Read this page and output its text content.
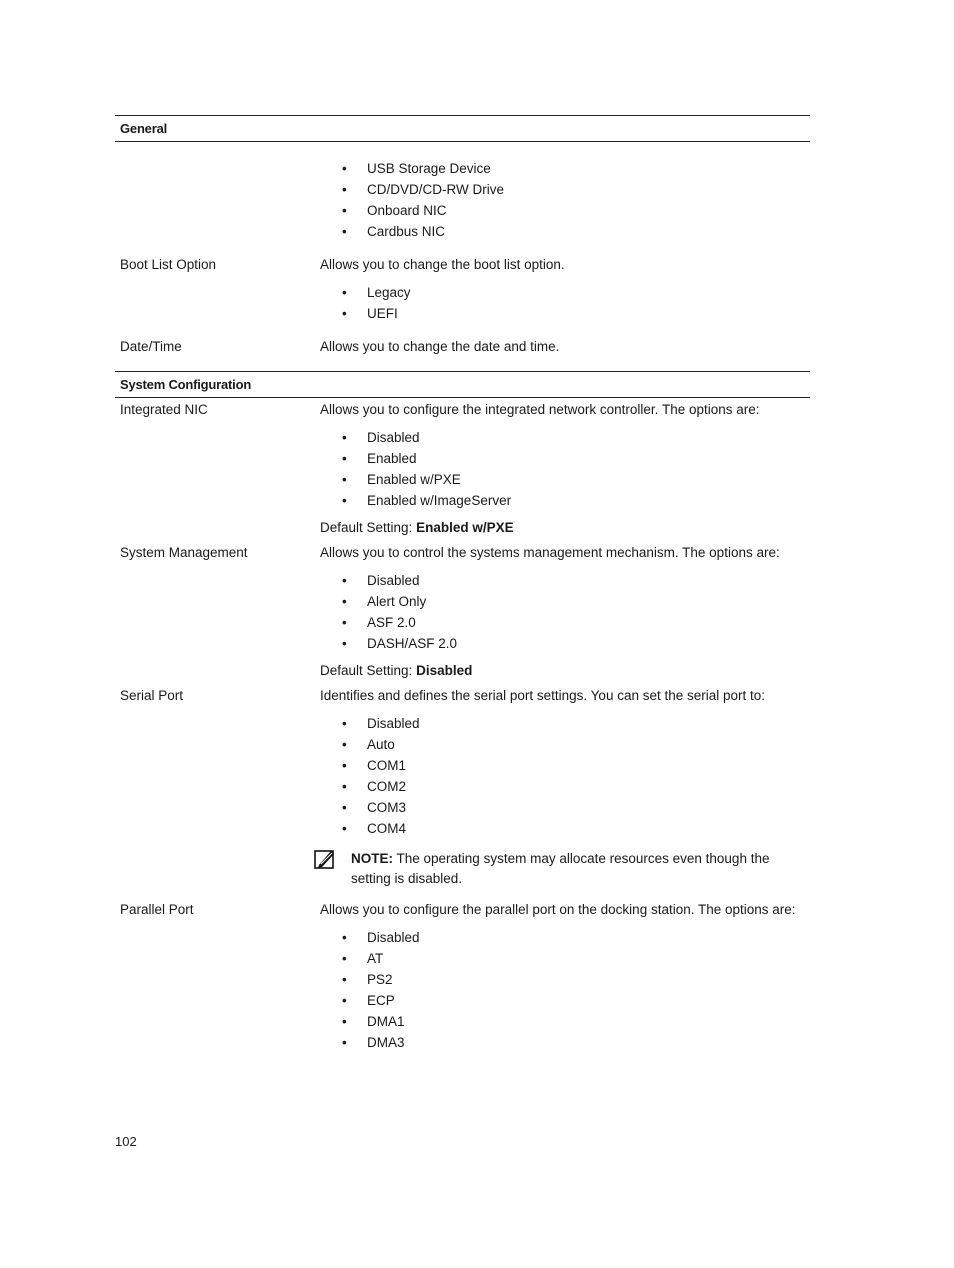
General
• USB Storage Device
• CD/DVD/CD-RW Drive
• Onboard NIC
• Cardbus NIC
Boot List Option	Allows you to change the boot list option.

• Legacy
• UEFI
Date/Time	Allows you to change the date and time.

System Configuration
Integrated NIC	Allows you to configure the integrated network controller. The options are:

• Disabled
• Enabled
• Enabled w/PXE
• Enabled w/ImageServer

Default Setting: Enabled w/PXE

System Management	Allows you to control the systems management mechanism. The options are:

• Disabled
• Alert Only
• ASF 2.0
• DASH/ASF 2.0

Default Setting: Disabled

Serial Port	Identifies and defines the serial port settings. You can set the serial port to:

• Disabled
• Auto
• COM1
• COM2
• COM3
• COM4
NOTE: The operating system may allocate resources even though the setting is disabled.
Parallel Port	Allows you to configure the parallel port on the docking station. The options are:

• Disabled
• AT
• PS2
• ECP
• DMA1
• DMA3
102
